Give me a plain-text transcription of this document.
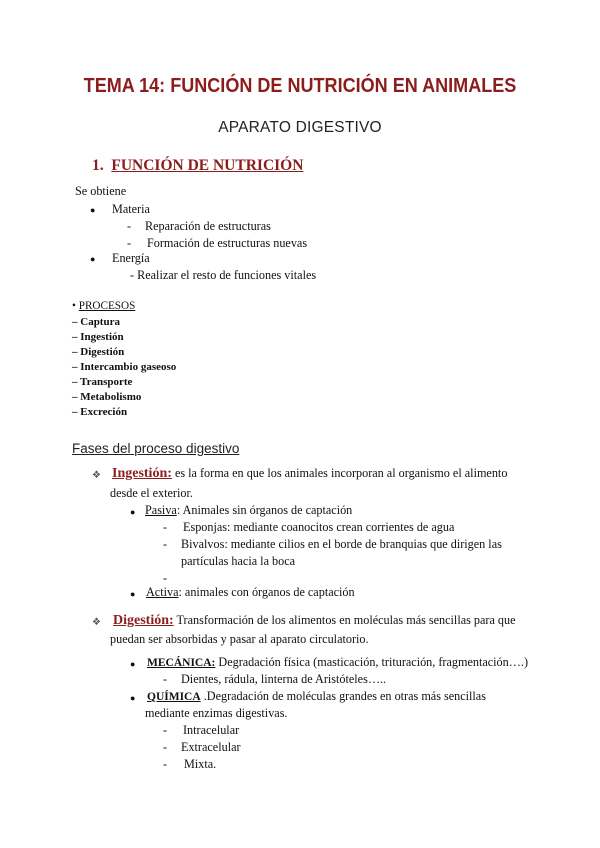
TEMA 14: FUNCIÓN DE NUTRICIÓN EN ANIMALES
APARATO DIGESTIVO
1. FUNCIÓN DE NUTRICIÓN
Se obtiene
● Materia
- Reparación de estructuras
- Formación de estructuras nuevas
● Energía
- Realizar el resto de funciones vitales
• PROCESOS
– Captura
– Ingestión
– Digestión
– Intercambio gaseoso
– Transporte
– Metabolismo
– Excreción
Fases del proceso digestivo
❖ Ingestión: es la forma en que los animales incorporan al organismo el alimento
desde el exterior.
● Pasiva: Animales sin órganos de captación
- Esponjas: mediante coanocitos crean corrientes de agua
- Bivalvos: mediante cilios en el borde de branquias que dirigen las
partículas hacia la boca
-
● Activa: animales con órganos de captación
❖ Digestión: Transformación de los alimentos en moléculas más sencillas para que
puedan ser absorbidas y pasar al aparato circulatorio.
● MECÁNICA: Degradación física (masticación, trituración, fragmentación….)
- Dientes, rádula, linterna de Aristóteles…..
● QUÍMICA .Degradación de moléculas grandes en otras más sencillas
mediante enzimas digestivas.
- Intracelular
- Extracelular
- Mixta.
